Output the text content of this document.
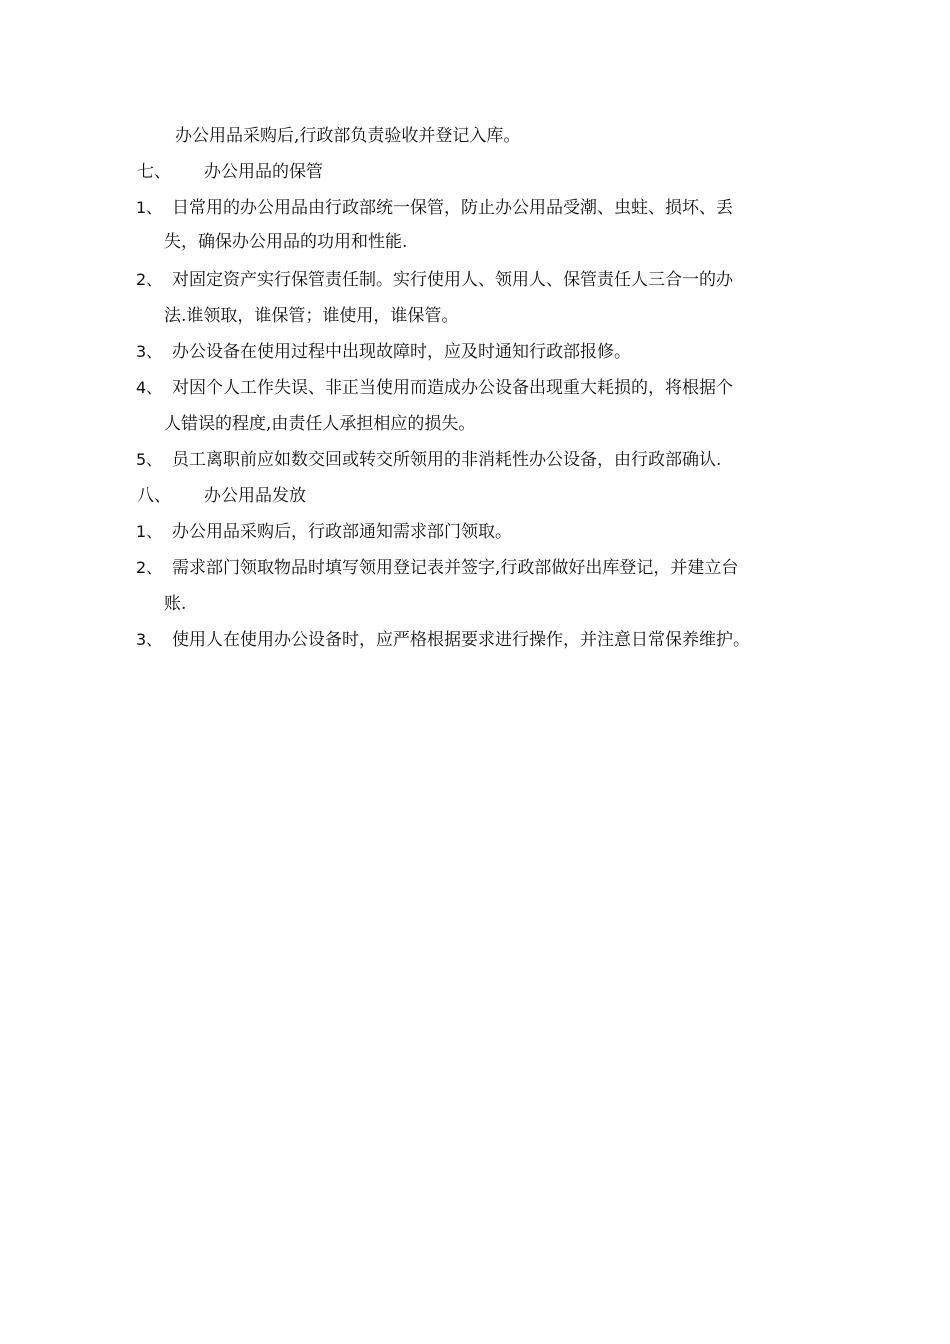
办公用品采购后,行政部负责验收并登记入库。
七、 办公用品的保管
1、 日常用的办公用品由行政部统一保管，防止办公用品受潮、虫蛀、损坏、丢
失，确保办公用品的功用和性能.
2、 对固定资产实行保管责任制。实行使用人、领用人、保管责任人三合一的办
法.谁领取，谁保管；谁使用，谁保管。
3、 办公设备在使用过程中出现故障时，应及时通知行政部报修。
4、 对因个人工作失误、非正当使用而造成办公设备出现重大耗损的，将根据个
人错误的程度,由责任人承担相应的损失。
5、 员工离职前应如数交回或转交所领用的非消耗性办公设备，由行政部确认.
八、 办公用品发放
1、 办公用品采购后，行政部通知需求部门领取。
2、 需求部门领取物品时填写领用登记表并签字,行政部做好出库登记，并建立台
账.
3、 使用人在使用办公设备时，应严格根据要求进行操作，并注意日常保养维护。
